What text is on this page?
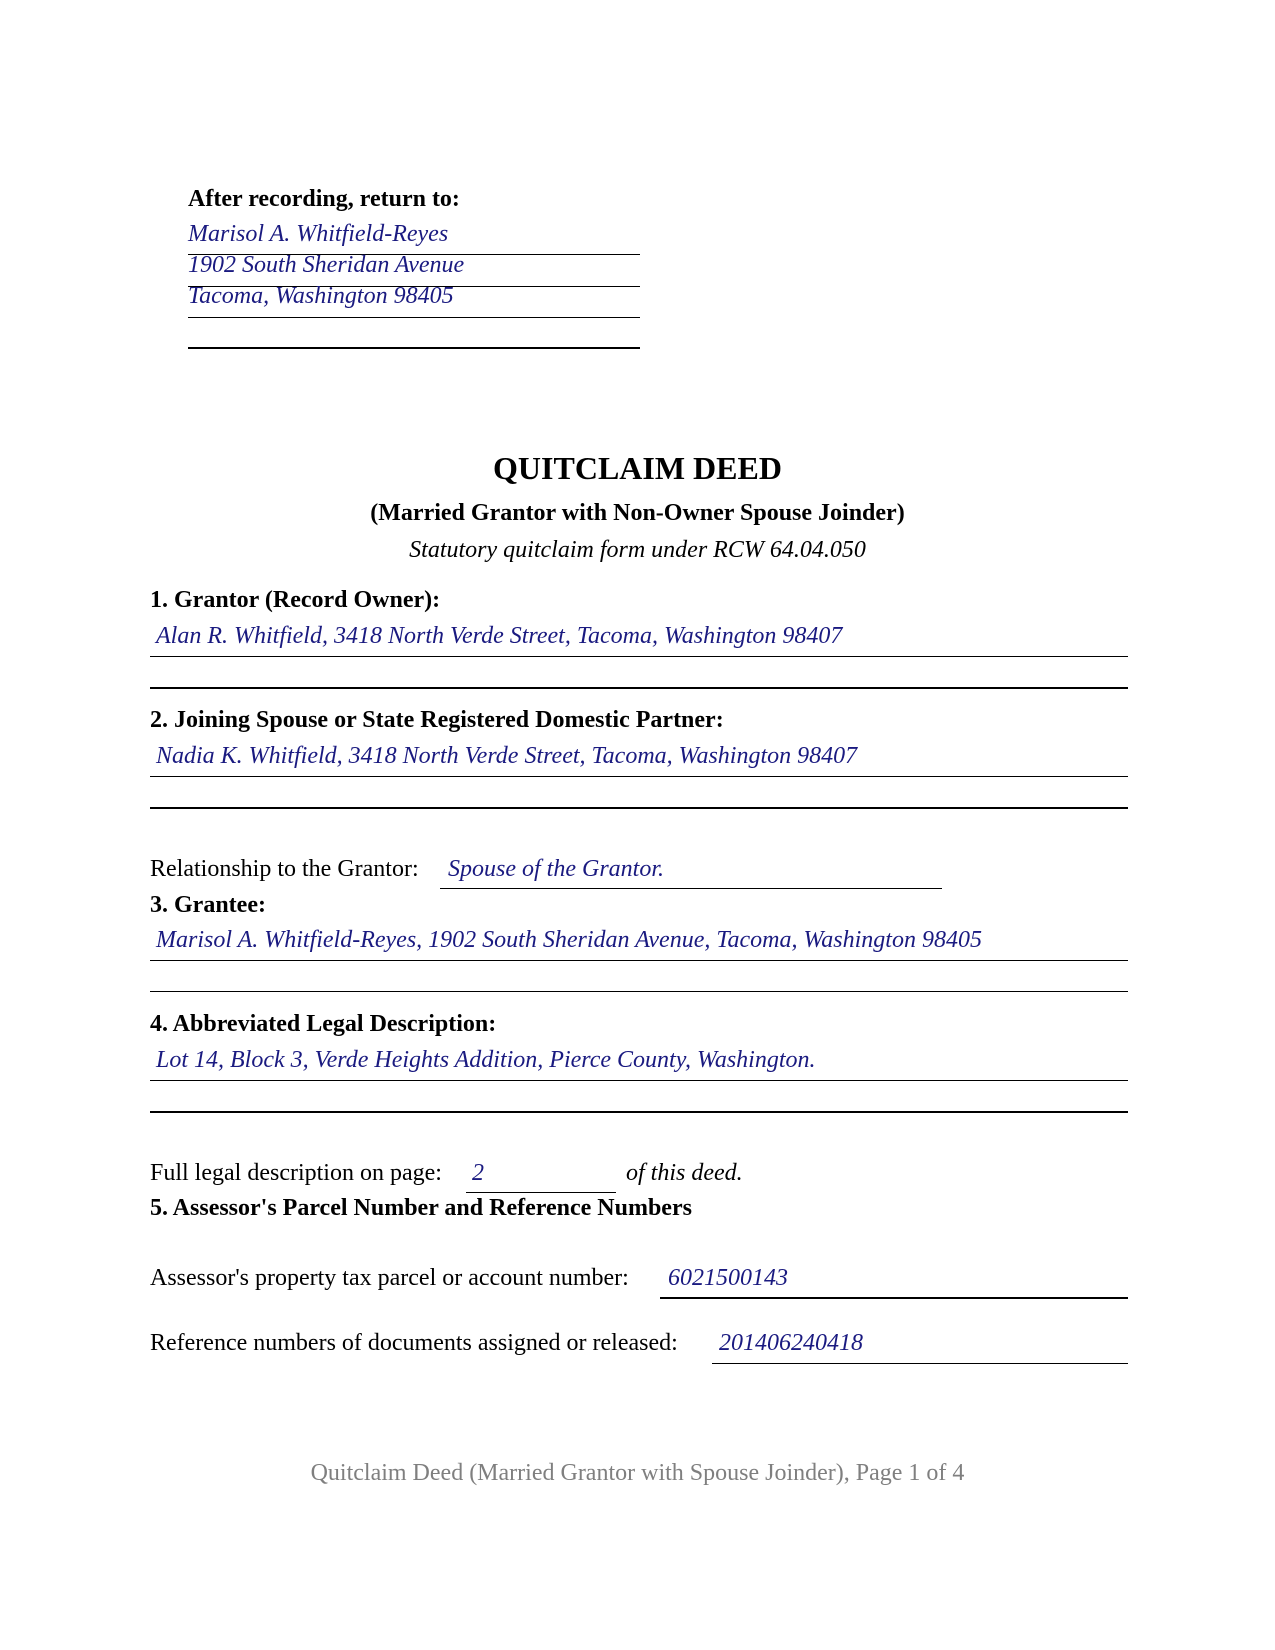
After recording, return to:
Marisol A. Whitfield-Reyes
1902 South Sheridan Avenue
Tacoma, Washington 98405
QUITCLAIM DEED
(Married Grantor with Non-Owner Spouse Joinder)
Statutory quitclaim form under RCW 64.04.050
1. Grantor (Record Owner):
Alan R. Whitfield, 3418 North Verde Street, Tacoma, Washington 98407
2. Joining Spouse or State Registered Domestic Partner:
Nadia K. Whitfield, 3418 North Verde Street, Tacoma, Washington 98407
Relationship to the Grantor: Spouse of the Grantor.
3. Grantee:
Marisol A. Whitfield-Reyes, 1902 South Sheridan Avenue, Tacoma, Washington 98405
4. Abbreviated Legal Description:
Lot 14, Block 3, Verde Heights Addition, Pierce County, Washington.
Full legal description on page: 2	of this deed.
5. Assessor's Parcel Number and Reference Numbers
Assessor's property tax parcel or account number: 6021500143
Reference numbers of documents assigned or released: 201406240418
Quitclaim Deed (Married Grantor with Spouse Joinder), Page 1 of 4
